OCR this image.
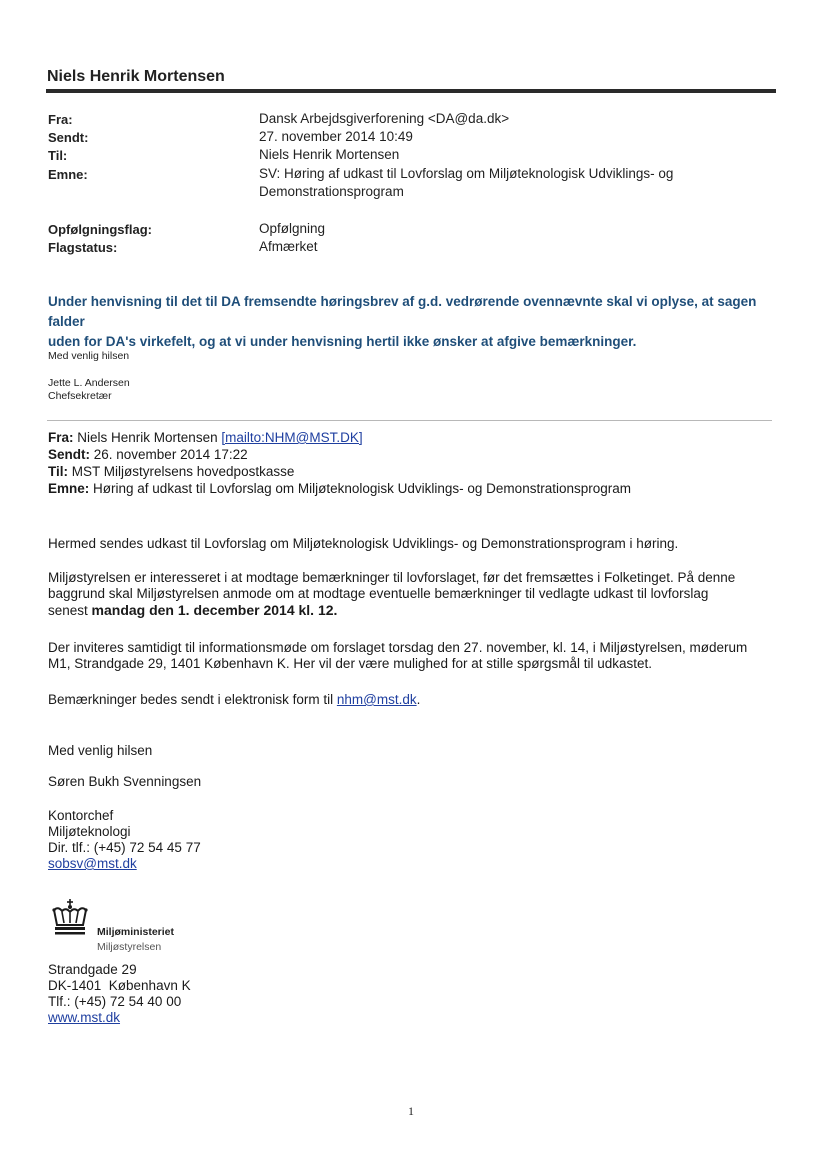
Niels Henrik Mortensen
Fra:	Dansk Arbejdsgiverforening <DA@da.dk>
Sendt:	27. november 2014 10:49
Til:	Niels Henrik Mortensen
Emne:	SV: Høring af udkast til Lovforslag om Miljøteknologisk Udviklings- og
Demonstrationsprogram
Opfølgningsflag:	Opfølgning
Flagstatus:	Afmærket
Under henvisning til det til DA fremsendte høringsbrev af g.d. vedrørende ovennævnte skal vi oplyse, at sagen falder
uden for DA's virkefelt, og at vi under henvisning hertil ikke ønsker at afgive bemærkninger.
Med venlig hilsen
Jette L. Andersen
Chefsekretær
Fra: Niels Henrik Mortensen [mailto:NHM@MST.DK]
Sendt: 26. november 2014 17:22
Til: MST Miljøstyrelsens hovedpostkasse
Emne: Høring af udkast til Lovforslag om Miljøteknologisk Udviklings- og Demonstrationsprogram
Hermed sendes udkast til Lovforslag om Miljøteknologisk Udviklings- og Demonstrationsprogram i høring.
Miljøstyrelsen er interesseret i at modtage bemærkninger til lovforslaget, før det fremsættes i Folketinget. På denne
baggrund skal Miljøstyrelsen anmode om at modtage eventuelle bemærkninger til vedlagte udkast til lovforslag
senest mandag den 1. december 2014 kl. 12.
Der inviteres samtidigt til informationsmøde om forslaget torsdag den 27. november, kl. 14, i Miljøstyrelsen, møderum
M1, Strandgade 29, 1401 København K. Her vil der være mulighed for at stille spørgsmål til udkastet.
Bemærkninger bedes sendt i elektronisk form til nhm@mst.dk.
Med venlig hilsen
Søren Bukh Svenningsen
Kontorchef
Miljøteknologi
Dir. tlf.: (+45) 72 54 45 77
sobsv@mst.dk
Miljøministeriet
Miljøstyrelsen
Strandgade 29
DK-1401  København K
Tlf.: (+45) 72 54 40 00
www.mst.dk
1
